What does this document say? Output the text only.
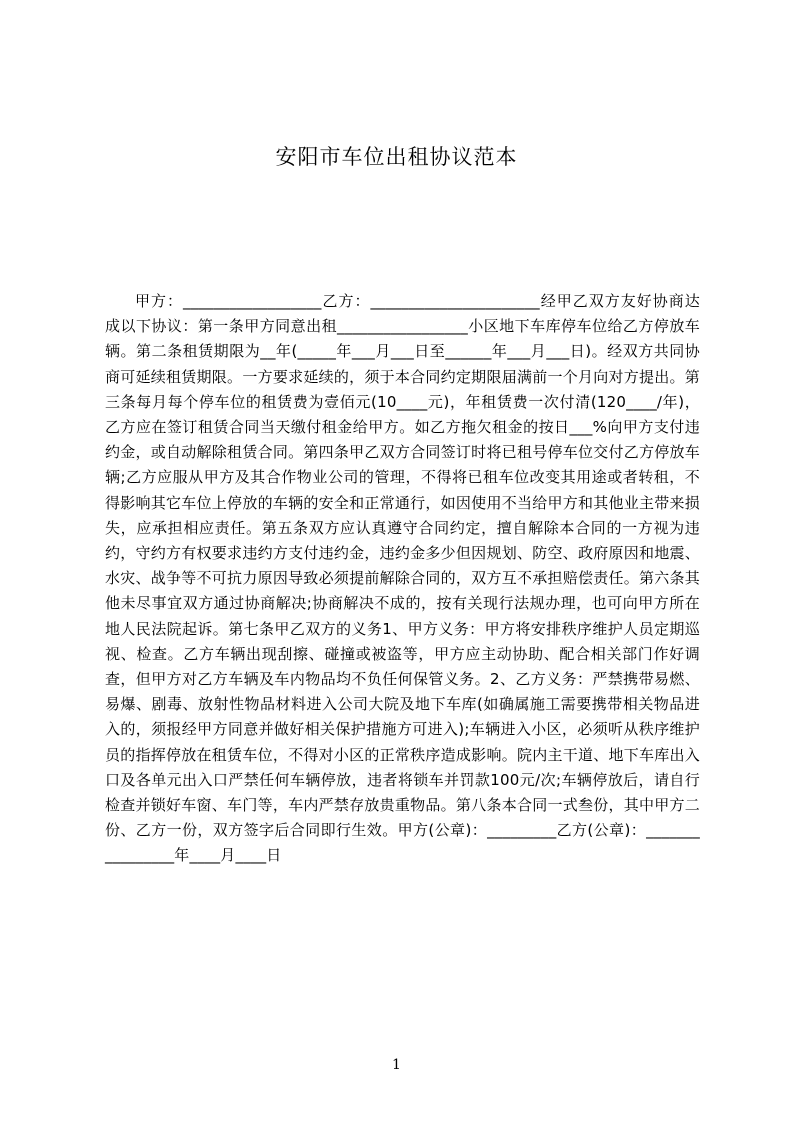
安阳市车位出租协议范本
甲方：__________________乙方：______________________经甲乙双方友好协商达成以下协议：第一条甲方同意出租_________________小区地下车库停车位给乙方停放车辆。第二条租赁期限为__年(_____年___月___日至______年___月___日)。经双方共同协商可延续租赁期限。一方要求延续的，须于本合同约定期限届满前一个月向对方提出。第三条每月每个停车位的租赁费为壹佰元(10____元)，年租赁费一次付清(120____/年)，乙方应在签订租赁合同当天缴付租金给甲方。如乙方拖欠租金的按日___%向甲方支付违约金，或自动解除租赁合同。第四条甲乙双方合同签订时将已租号停车位交付乙方停放车辆;乙方应服从甲方及其合作物业公司的管理，不得将已租车位改变其用途或者转租，不得影响其它车位上停放的车辆的安全和正常通行，如因使用不当给甲方和其他业主带来损失，应承担相应责任。第五条双方应认真遵守合同约定，擅自解除本合同的一方视为违约，守约方有权要求违约方支付违约金，违约金多少但因规划、防空、政府原因和地震、水灾、战争等不可抗力原因导致必须提前解除合同的，双方互不承担赔偿责任。第六条其他未尽事宜双方通过协商解决;协商解决不成的，按有关现行法规办理，也可向甲方所在地人民法院起诉。第七条甲乙双方的义务1、甲方义务：甲方将安排秩序维护人员定期巡视、检查。乙方车辆出现刮擦、碰撞或被盗等，甲方应主动协助、配合相关部门作好调查，但甲方对乙方车辆及车内物品均不负任何保管义务。2、乙方义务：严禁携带易燃、易爆、剧毒、放射性物品材料进入公司大院及地下车库(如确属施工需要携带相关物品进入的，须报经甲方同意并做好相关保护措施方可进入);车辆进入小区，必须听从秩序维护员的指挥停放在租赁车位，不得对小区的正常秩序造成影响。院内主干道、地下车库出入口及各单元出入口严禁任何车辆停放，违者将锁车并罚款100元/次;车辆停放后，请自行检查并锁好车窗、车门等，车内严禁存放贵重物品。第八条本合同一式叁份，其中甲方二份、乙方一份，双方签字后合同即行生效。甲方(公章)：_________乙方(公章)：________________年____月____日
1
